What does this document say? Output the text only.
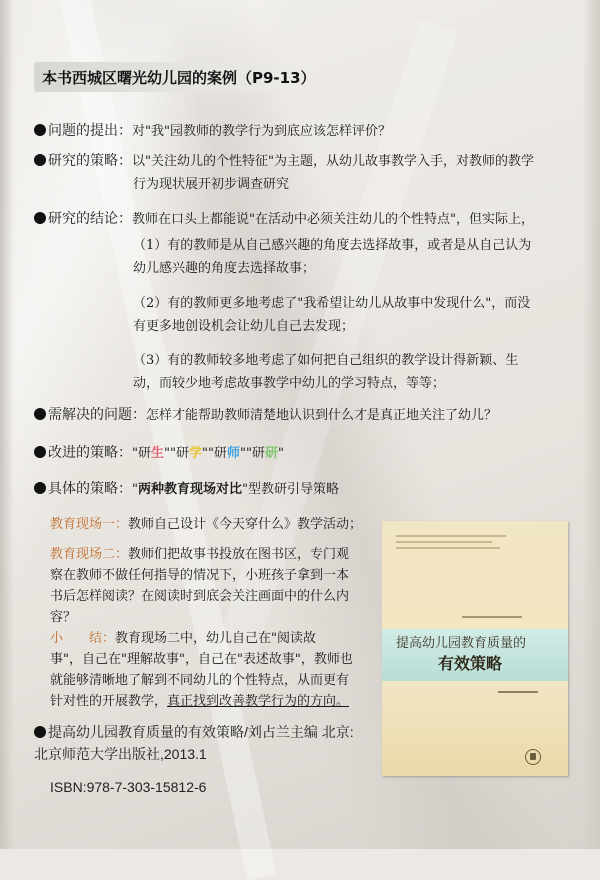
本书西城区曙光幼儿园的案例（P9-13）
问题的提出：对"我"园教师的教学行为到底应该怎样评价？
研究的策略：以"关注幼儿的个性特征"为主题，从幼儿故事教学入手，对教师的教学
行为现状展开初步调查研究
研究的结论：教师在口头上都能说"在活动中必须关注幼儿的个性特点"，但实际上，
（1）有的教师是从自己感兴趣的角度去选择故事，或者是从自己认为
幼儿感兴趣的角度去选择故事；
（2）有的教师更多地考虑了"我希望让幼儿从故事中发现什么"，而没
有更多地创设机会让幼儿自己去发现；
（3）有的教师较多地考虑了如何把自己组织的教学设计得新颖、生
动，而较少地考虑故事教学中幼儿的学习特点，等等；
需解决的问题：怎样才能帮助教师清楚地认识到什么才是真正地关注了幼儿？
改进的策略："研生""研学""研师""研研"
具体的策略："两种教育现场对比"型教研引导策略
教育现场一：教师自己设计《今天穿什么》教学活动；
教育现场二：教师们把故事书投放在图书区，专门观
察在教师不做任何指导的情况下，小班孩子拿到一本
书后怎样阅读？在阅读时到底会关注画面中的什么内
容？
小　　结：教育现场二中，幼儿自己在"阅读故
事"，自己在"理解故事"，自己在"表述故事"，教师也
就能够清晰地了解到不同幼儿的个性特点，从而更有
针对性的开展教学，真正找到改善教学行为的方向。
提高幼儿园教育质量的
有效策略
提高幼儿园教育质量的有效策略/刘占兰主编 北京:
北京师范大学出版社,2013.1
ISBN:978-7-303-15812-6
